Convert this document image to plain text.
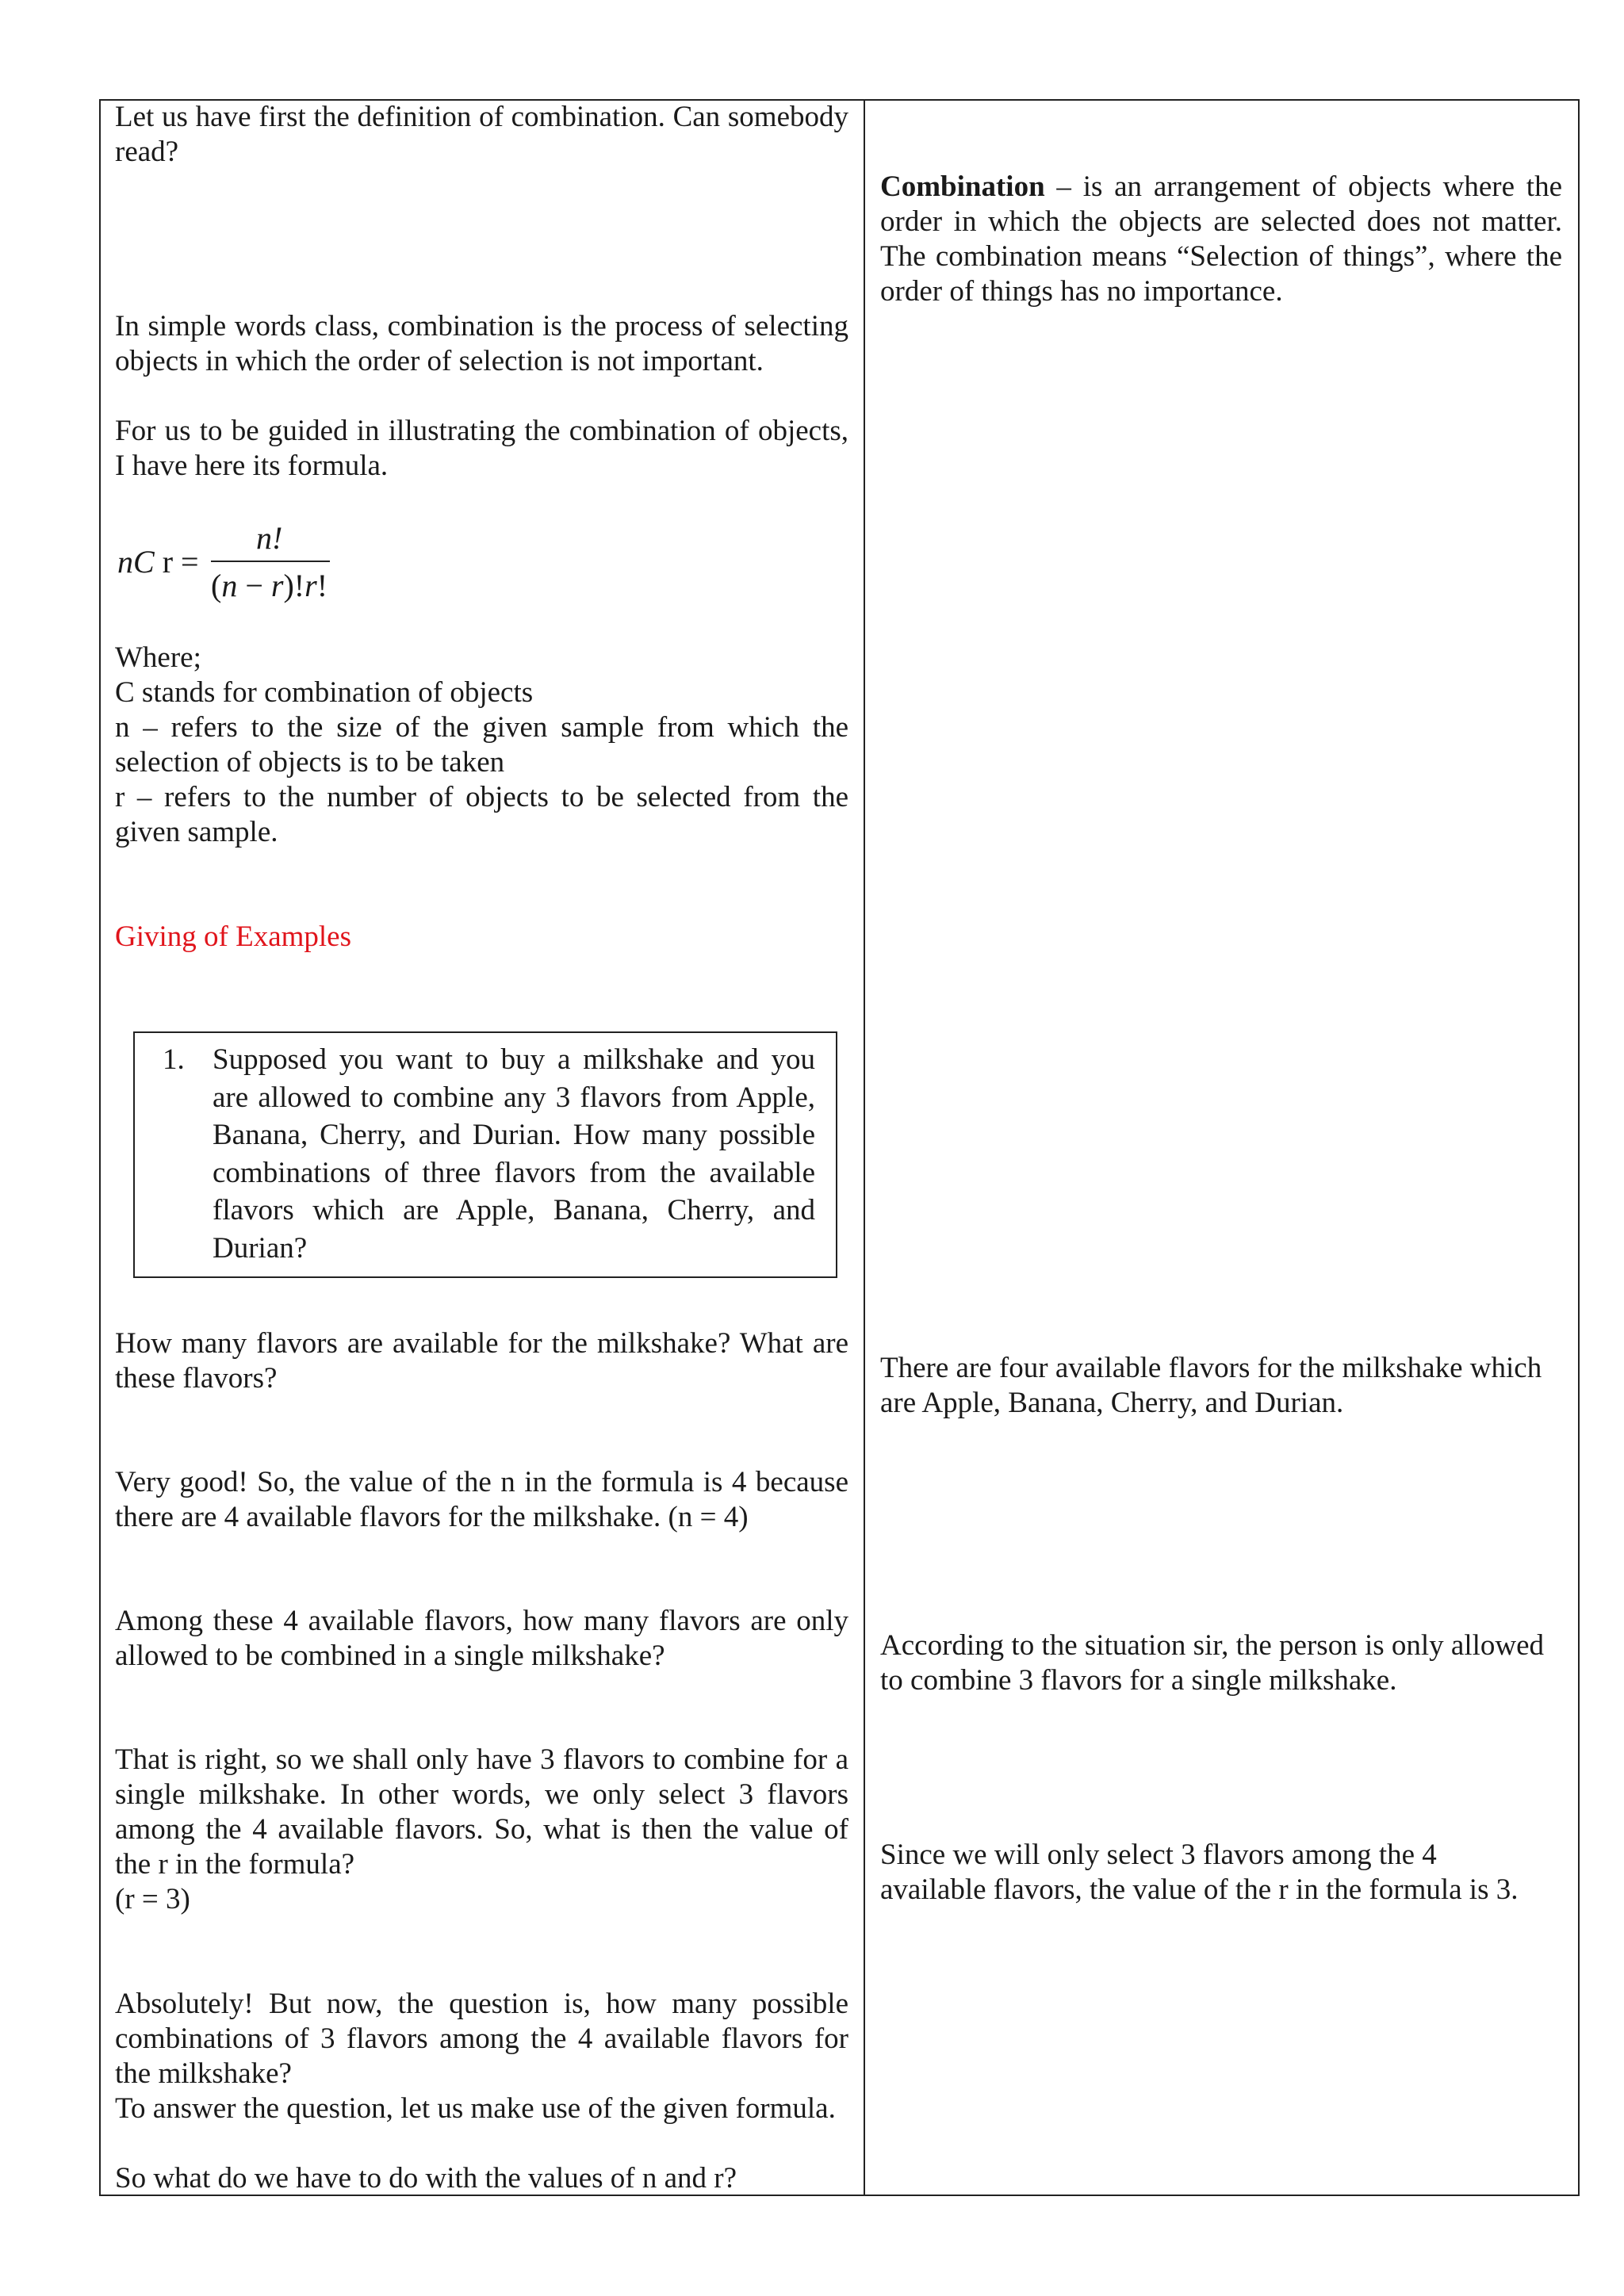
Let us have first the definition of combination. Can somebody read?

In simple words class, combination is the process of selecting objects in which the order of selection is not important.

For us to be guided in illustrating the combination of objects, I have here its formula.

nC r =
n!
(n − r)!r!

Where;

C stands for combination of objects

n – refers to the size of the given sample from which the selection of objects is to be taken

r – refers to the number of objects to be selected from the given sample.

Giving of Examples

1. Supposed you want to buy a milkshake and you are allowed to combine any 3 flavors from Apple, Banana, Cherry, and Durian. How many possible combinations of three flavors from the available flavors which are Apple, Banana, Cherry, and Durian?

How many flavors are available for the milkshake? What are these flavors?

Very good! So, the value of the n in the formula is 4 because there are 4 available flavors for the milkshake. (n = 4)

Among these 4 available flavors, how many flavors are only allowed to be combined in a single milkshake?

That is right, so we shall only have 3 flavors to combine for a single milkshake. In other words, we only select 3 flavors among the 4 available flavors. So, what is then the value of the r in the formula?

(r = 3)

Absolutely! But now, the question is, how many possible combinations of 3 flavors among the 4 available flavors for the milkshake?

To answer the question, let us make use of the given formula.

So what do we have to do with the values of n and r?

Combination – is an arrangement of objects where the order in which the objects are selected does not matter. The combination means “Selection of things”, where the order of things has no importance.

There are four available flavors for the milkshake which

are Apple, Banana, Cherry, and Durian.

According to the situation sir, the person is only allowed

to combine 3 flavors for a single milkshake.

Since we will only select 3 flavors among the 4

available flavors, the value of the r in the formula is 3.
